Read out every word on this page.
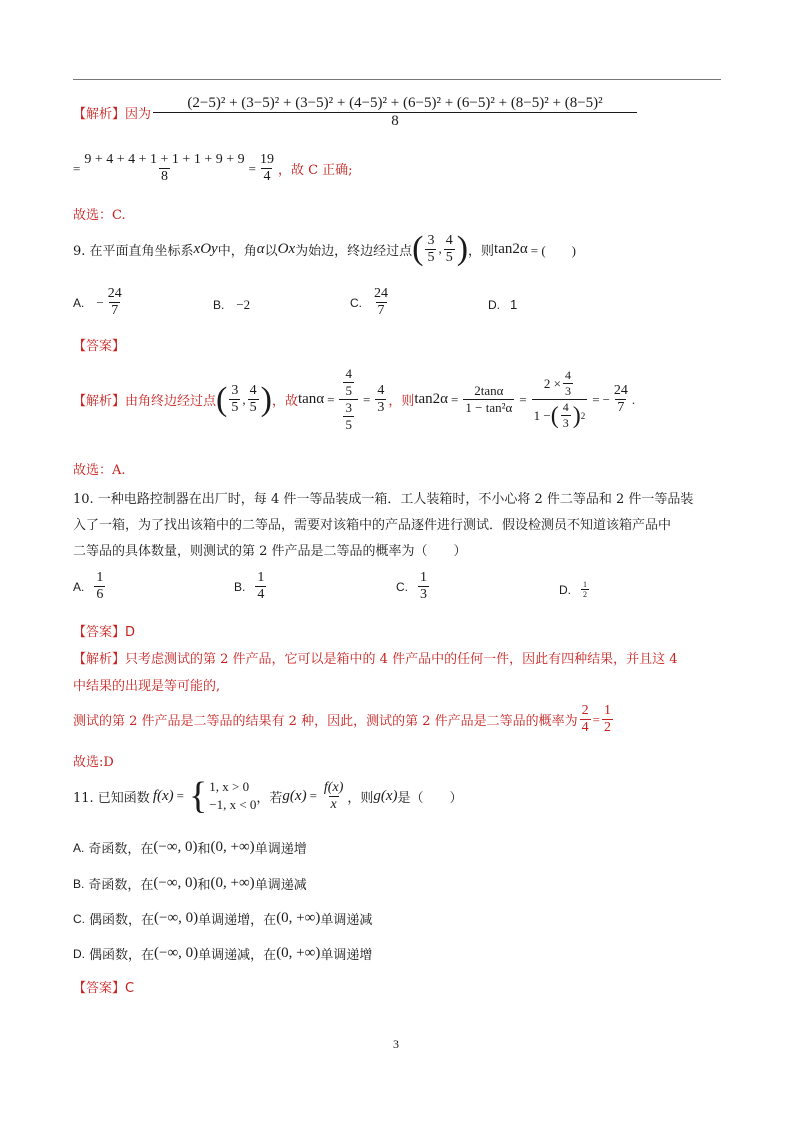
【解析】 因为
(2−5)² + (3−5)² + (3−5)² + (4−5)² + (6−5)² + (6−5)² + (8−5)² + (8−5)²
8
= $\frac{9 + 4 + 4 + 1 + 1 + 1 + 9 + 9}{8} = \frac{19}{4}$ ，故 C 正确;
故选：C.
9. 在平面直角坐标系 xOy 中，角 α 以 Ox 为始边，终边经过点 ( $\frac{3}{5}$ , $\frac{4}{5}$ ) ，则 tan2α = (　　)
A. − $\frac{24}{7}$	B. −2	C. $\frac{24}{7}$	D. 1
【答案】
【解析】 由角终边经过点 ( $\frac{3}{5}$ , $\frac{4}{5}$ ) ，故 $\tan\alpha = \frac{\frac{4}{5}}{\frac{3}{5}} = \frac{4}{3}$ ，则 $\tan 2\alpha = \frac{2\tan\alpha}{\text{1 − tan²α}} = \frac{2 \times \frac{4}{3}}{1 - ( \frac{4}{3} ) 2}$ = − $\frac{24}{7}$ .
故选：A.
10. 一种电路控制器在出厂时，每 4 件一等品装成一箱．工人装箱时，不小心将 2 件二等品和 2 件一等品装
入了一箱，为了找出该箱中的二等品，需要对该箱中的产品逐件进行测试．假设检测员不知道该箱产品中
二等品的具体数量，则测试的第 2 件产品是二等品的概率为（　　）
A. $\frac{1}{6}$	B. $\frac{1}{4}$	C. $\frac{1}{3}$	D. $\frac{1}{2}$
【答案】D
【解析】只考虑测试的第 2 件产品，它可以是箱中的 4 件产品中的任何一件，因此有四种结果，并且这 4
中结果的出现是等可能的,
测试的第 2 件产品是二等品的结果有 2 种，因此，测试的第 2 件产品是二等品的概率为 $\frac{2}{4} = \frac{1}{2}$
故选:D
11. 已知函数 f(x) = { 1, x > 0
−1, x < 0 ，若 $g(x) = \frac{f(x)}{x}$ ，则 g(x) 是（　　）
A. 奇函数，在 (−∞, 0) 和 (0, +∞) 单调递增
B. 奇函数，在 (−∞, 0) 和 (0, +∞) 单调递减
C. 偶函数，在 (−∞, 0) 单调递增，在 (0, +∞) 单调递减
D. 偶函数，在 (−∞, 0) 单调递减，在 (0, +∞) 单调递增
【答案】C
3
